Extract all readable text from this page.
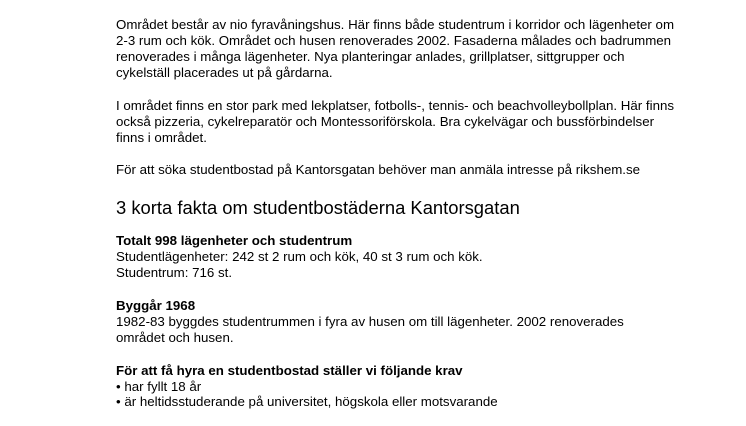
Området består av nio fyravåningshus. Här finns både studentrum i korridor och lägenheter om 2-3 rum och kök. Området och husen renoverades 2002. Fasaderna målades och badrummen renoverades i många lägenheter. Nya planteringar anlades, grillplatser, sittgrupper och cykelställ placerades ut på gårdarna.

I området finns en stor park med lekplatser, fotbolls-, tennis- och beachvolleybollplan. Här finns också pizzeria, cykelreparatör och Montessoriförskola. Bra cykelvägar och bussförbindelser finns i området.

För att söka studentbostad på Kantorsgatan behöver man anmäla intresse på rikshem.se

3 korta fakta om studentbostäderna Kantorsgatan

Totalt 998 lägenheter och studentrum

Studentlägenheter: 242 st 2 rum och kök, 40 st 3 rum och kök.

Studentrum: 716 st.

Byggår 1968

1982-83 byggdes studentrummen i fyra av husen om till lägenheter. 2002 renoverades området och husen.

För att få hyra en studentbostad ställer vi följande krav

• har fyllt 18 år
• är heltidsstuderande på universitet, högskola eller motsvarande
